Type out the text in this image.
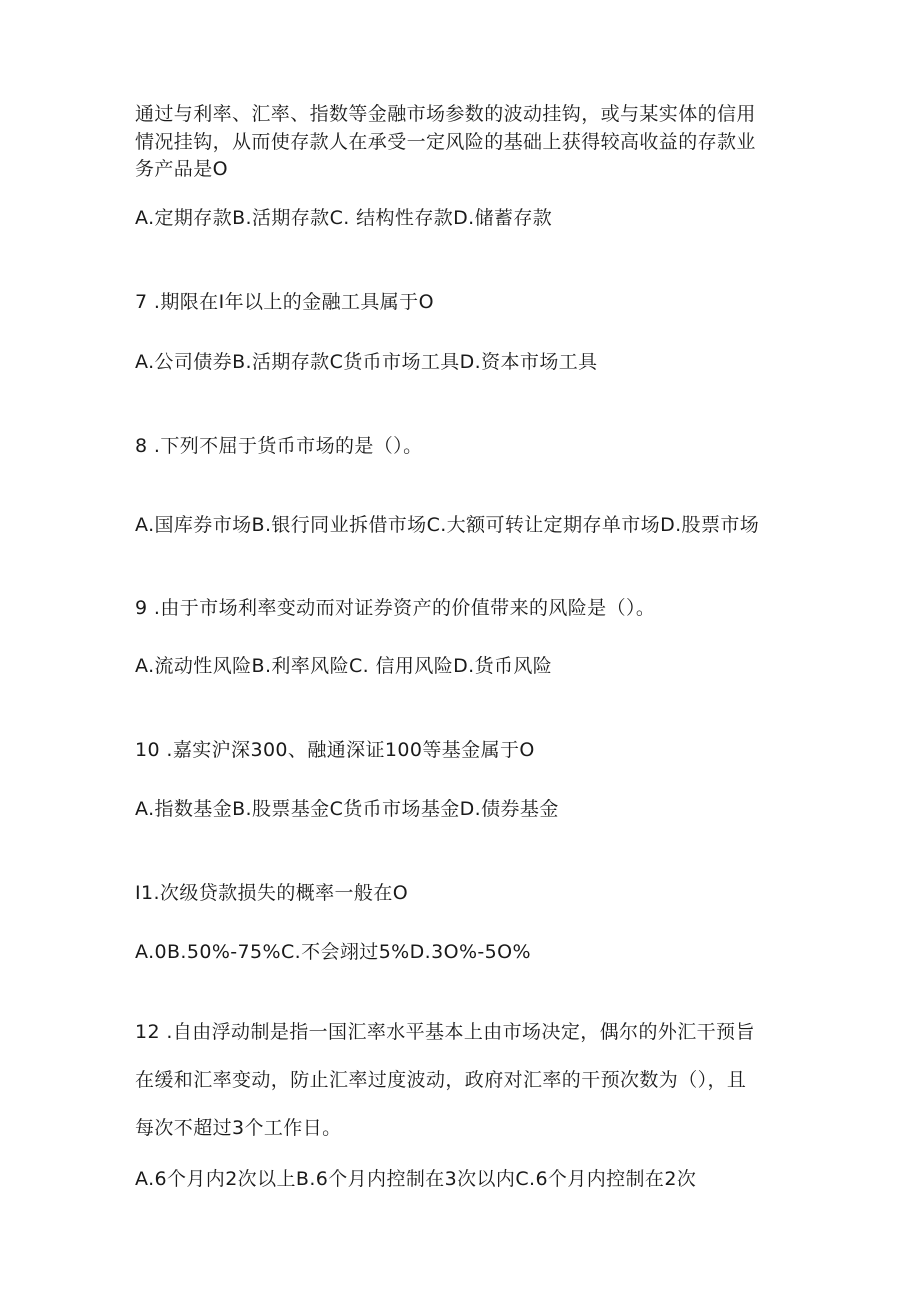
通过与利率、汇率、指数等金融市场参数的波动挂钩，或与某实体的信用
情况挂钩，从而使存款人在承受一定风险的基础上获得较高收益的存款业
务产品是O
A.定期存款B.活期存款C. 结构性存款D.储蓄存款
7 .期限在I年以上的金融工具属于O
A.公司债券B.活期存款C货币市场工具D.资本市场工具
8 .下列不屈于货币市场的是（）。
A.国库券市场B.银行同业拆借市场C.大额可转让定期存单市场D.股票市场
9 .由于市场利率变动而对证券资产的价值带来的风险是（）。
A.流动性风险B.利率风险C. 信用风险D.货币风险
10 .嘉实沪深300、融通深证100等基金属于O
A.指数基金B.股票基金C货币市场基金D.债券基金
I1.次级贷款损失的概率一般在O
A.0B.50%-75%C.不会翊过5%D.3O%-5O%
12 .自由浮动制是指一国汇率水平基本上由市场决定，偶尔的外汇干预旨
在缓和汇率变动，防止汇率过度波动，政府对汇率的干预次数为（），且
每次不超过3个工作日。
A.6个月内2次以上B.6个月内控制在3次以内C.6个月内控制在2次
